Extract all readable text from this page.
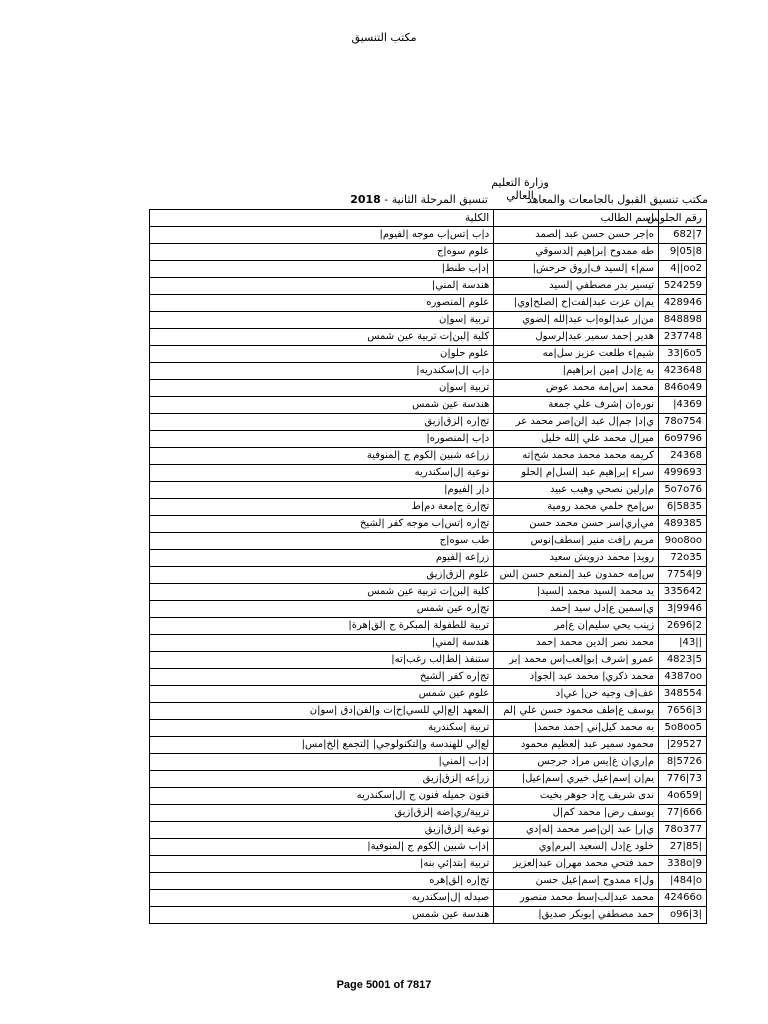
مكتب التنسيق
وزارة التعليم العالي
مكتب تنسيق القبول بالجامعات والمعاهد
تنسيق المرحلة الثانية - 2018
رقم الجلوس	اسم الطالب	الكلية
682|7	ه|جر حسن حسن عبد |لصمد	د|ب |تس|ب موجه |لفيوم|
9|05|8	طه ممدوح |بر|هيم |لدسوقي	علوم سوه|ج
4||oo2	سم|ء |لسيد ف|روق حرحش|	|د|ب طنط|
524259	تيسير بدر مصطفي |لسيد	هندسة |لمني|
428946	يم|ن عزت عبد|لفت|ح |لصلح|وي|	علوم |لمنصوره
848898	من|ر عبد|لوه|ب عبد|لله |لضوي	تربية |سو|ن
237748	هدير |حمد سمير عبد|لرسول	كلية |لبن|ت تربية عين شمس
33|6o5	شيم|ء طلعت عزيز سل|مه	علوم حلو|ن
423648	يه ع|دل |مين |بر|هيم|	د|ب |ل|سكندريه|
846o49	محمد |س|مه محمد عوض	تربية |سو|ن
|4369	نوره|ن |شرف علي جمعة	هندسة عين شمس
78o754	ي|د| جم|ل عبد |لن|صر محمد عر	تج|ره |لزق|زيق
6o9796	مير|ل محمد علي |لله خليل	د|ب |لمنصوره|
24368	كريمه محمد محمد محمد شح|ته	زر|عه شبين |لكوم ج |لمنوفية
499693	سر|ء |بر|هيم عبد |لسل|م |لحلو	نوعية |ل|سكندريه
5o7o76	م|رلين نصحي وهيب عبيد	د|ر |لفيوم|
6|5835	س|مح حلمي محمد رومية	تج|رة ج|معة دم|ط
489385	مي|ري|سر حسن محمد حسن	تج|ره |تس|ب موجه كفر |لشيخ
9oo8oo	مريم ر|فت منير |سطف|نوس	طب سوه|ج
72o35	رويد| محمد درويش سعيد	زر|عه |لفيوم
7754|9	س|مه حمدون عبد |لمنعم حسن |لس	علوم |لزق|زيق
335642	يد محمد |لسيد محمد |لسيد|	كلية |لبن|ت تربية عين شمس
3|9946	ي|سمين ع|دل سيد |حمد	تج|ره عين شمس
2696|2	زينب يحي سليم|ن ع|مر	تربية للطفولة |لمبكرة ج |لق|هرة|
|43||	محمد نصر |لدين محمد |حمد	هندسة |لمني|
4823|5	عمرو |شرف |بو|لعب|س محمد |بر	ستنفذ |لط|لب رغب|ته|
4387oo	محمد ذكري| محمد عبد |لجو|د	تج|ره كفر |لشيخ
348554	عف|ف وجيه حن| عي|د	علوم عين شمس
7656|3	يوسف ع|طف محمود حسن علي |لم	|لمعهد |لع|لي للسي|ح|ت و|لفن|دق |سو|ن
5o8oo5	يه محمد كيل|ني |حمد محمد|	تربية |سكندرية
|29527	محمود سمير عبد |لعظيم محمود	لع|لي للهندسة و|لتكنولوجي| |لتجمع |لخ|مس|
8|5726	م|ري|ن غ|يس مر|د جرجس	|د|ب |لمني|
776|73	يم|ن |سم|عيل خيري |سم|عيل|	زر|عه |لزق|زيق
4o659|	ندى شريف ج|د جوهر بخيت	فنون جميله فنون ج |ل|سكندريه
77|666	يوسف رض| محمد كم|ل	تربية/ري|ضه |لزق|زيق
78o377	ي|ر| عبد |لن|صر محمد |له|دي	نوعية |لزق|زيق
27|85|	خلود ع|دل |لسعيد |لبرم|وي	|د|ب شبين |لكوم ج |لمنوفية|
338o|9	حمد فتحي محمد مهر|ن عبد|لعزيز	تربية |بتد|ئي بنه|
|484|o	ول|ء ممدوح |سم|عيل حسن	تج|ره |لق|هره
42466o	محمد عبد|لب|سط محمد منصور	صيدله |ل|سكندريه
o96|3|	حمد مصطفي |بوبكر صديق|	هندسة عين شمس
Page 5001 of 7817
